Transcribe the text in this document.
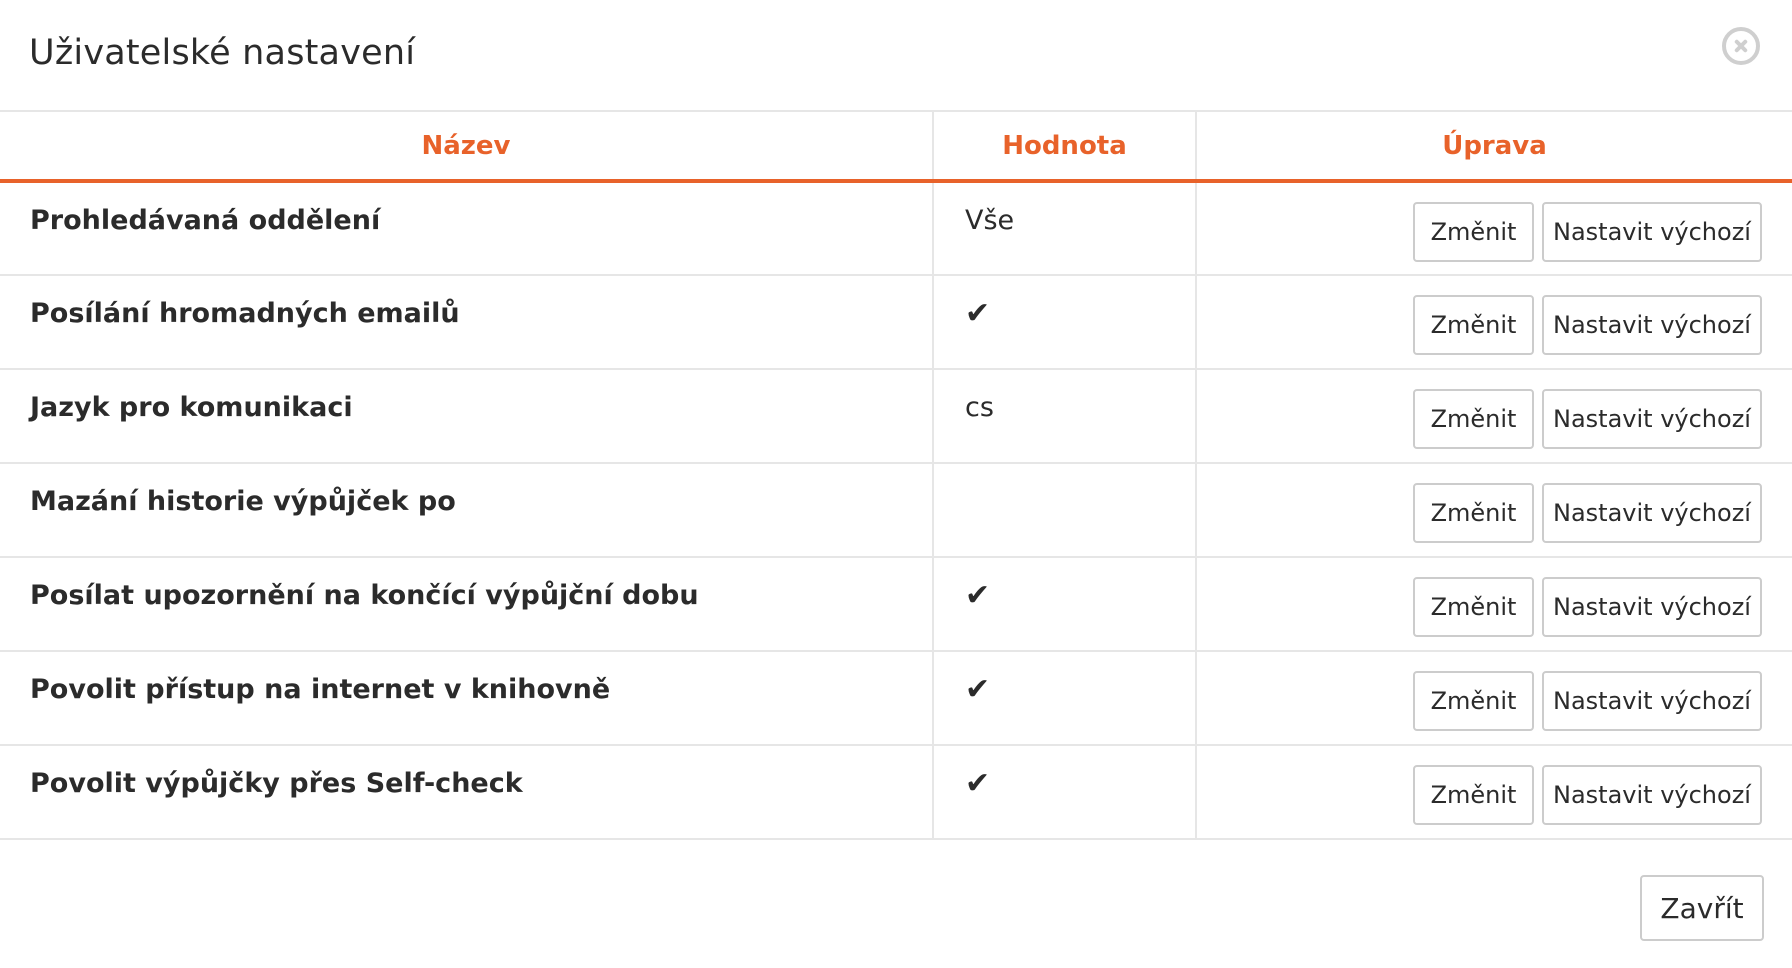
Uživatelské nastavení
Název	Hodnota	Úprava

Prohledávaná oddělení	Vše	Změnit Nastavit výchozí

Posílání hromadných emailů	✔	Změnit Nastavit výchozí

Jazyk pro komunikaci	cs	Změnit Nastavit výchozí

Mazání historie výpůjček po		Změnit Nastavit výchozí

Posílat upozornění na končící výpůjční dobu	✔	Změnit Nastavit výchozí

Povolit přístup na internet v knihovně	✔	Změnit Nastavit výchozí

Povolit výpůjčky přes Self-check	✔	Změnit Nastavit výchozí
Zavřít
